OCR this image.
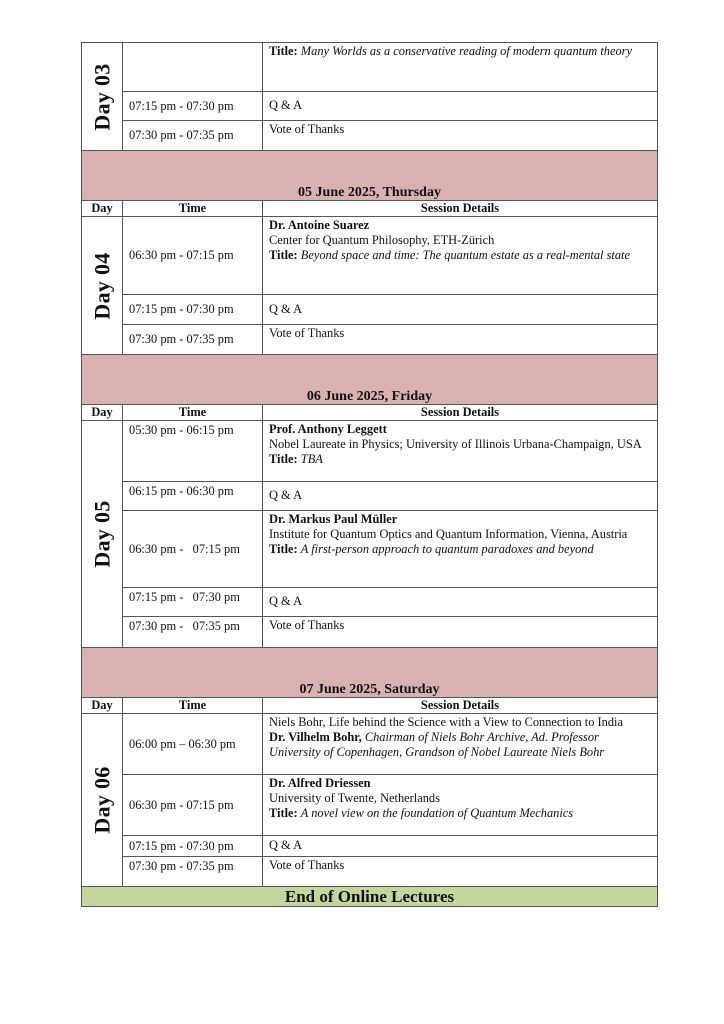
Day 03		Title: Many Worlds as a conservative reading of modern quantum theory
	07:15 pm - 07:30 pm	Q & A
	07:30 pm - 07:35 pm	Vote of Thanks
05 June 2025, Thursday		
Day	Time	Session Details

Day 04	06:30 pm - 07:15 pm	Dr. Antoine Suarez
Center for Quantum Philosophy, ETH-Zürich
Title: Beyond space and time: The quantum estate as a real-mental state

	07:15 pm - 07:30 pm	Q & A
	07:30 pm - 07:35 pm	Vote of Thanks
06 June 2025, Friday		
Day	Time	Session Details

Day 05	05:30 pm - 06:15 pm	Prof. Anthony Leggett
Nobel Laureate in Physics; University of Illinois Urbana-Champaign, USA
Title: TBA

	06:15 pm - 06:30 pm	Q & A
	06:30 pm -   07:15 pm	Dr. Markus Paul Müller
Institute for Quantum Optics and Quantum Information, Vienna, Austria
Title: A first-person approach to quantum paradoxes and beyond

	07:15 pm -   07:30 pm	Q & A
	07:30 pm -   07:35 pm	Vote of Thanks
07 June 2025, Saturday		
Day	Time	Session Details

Day 06	06:00 pm – 06:30 pm	Niels Bohr, Life behind the Science with a View to Connection to India
Dr. Vilhelm Bohr, Chairman of Niels Bohr Archive, Ad. Professor University of Copenhagen, Grandson of Nobel Laureate Niels Bohr

	06:30 pm - 07:15 pm	Dr. Alfred Driessen
University of Twente, Netherlands
Title: A novel view on the foundation of Quantum Mechanics

	07:15 pm - 07:30 pm	Q & A
	07:30 pm - 07:35 pm	Vote of Thanks
End of Online Lectures		
